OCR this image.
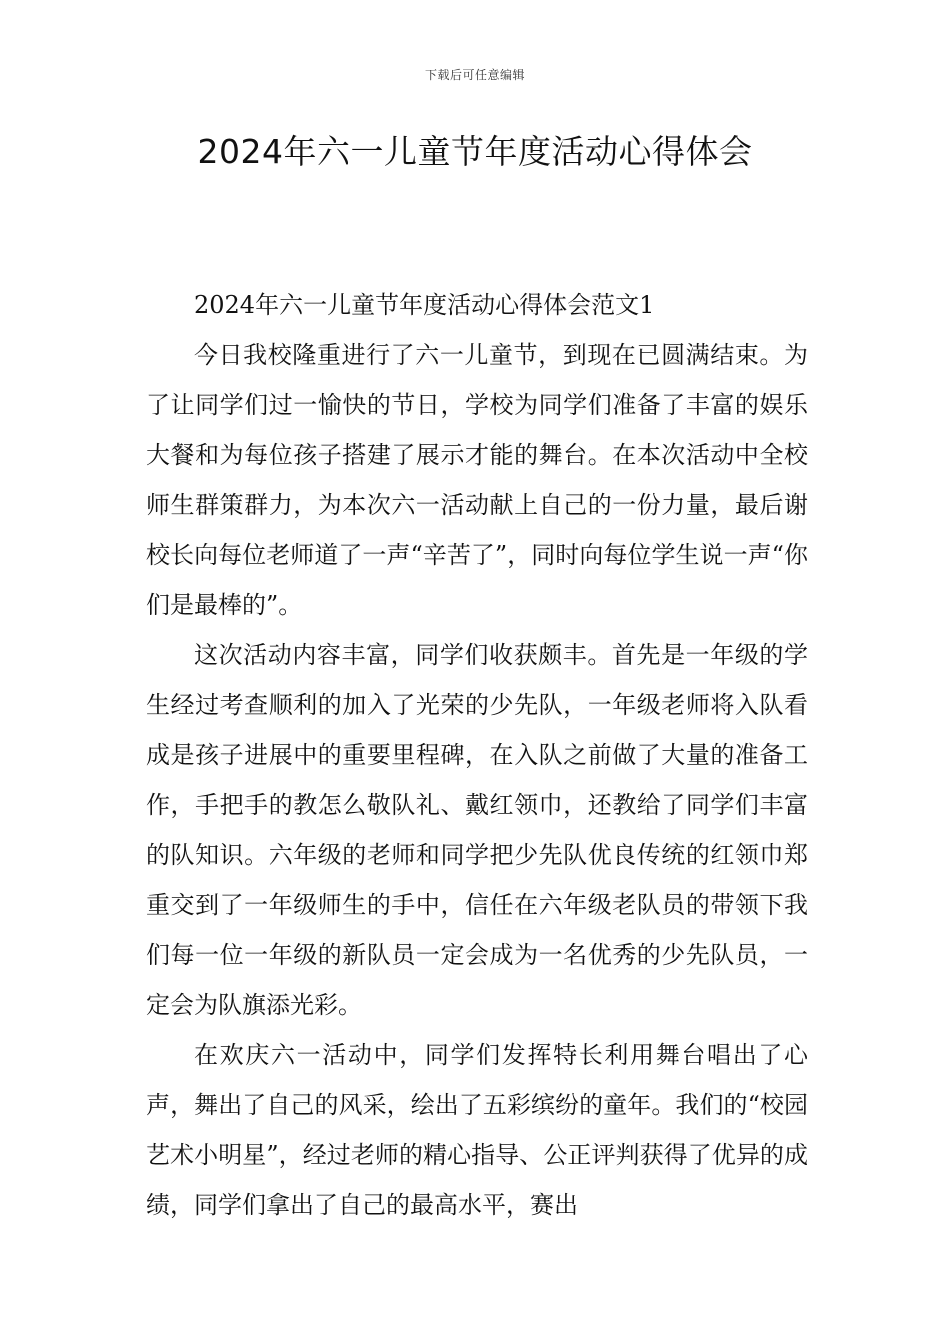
下载后可任意编辑
2024年六一儿童节年度活动心得体会

2024年六一儿童节年度活动心得体会范文1

今日我校隆重进行了六一儿童节，到现在已圆满结束。为了让同学们过一愉快的节日，学校为同学们准备了丰富的娱乐大餐和为每位孩子搭建了展示才能的舞台。在本次活动中全校师生群策群力，为本次六一活动献上自己的一份力量，最后谢校长向每位老师道了一声“辛苦了”，同时向每位学生说一声“你们是最棒的”。

这次活动内容丰富，同学们收获颇丰。首先是一年级的学生经过考查顺利的加入了光荣的少先队，一年级老师将入队看成是孩子进展中的重要里程碑，在入队之前做了大量的准备工作，手把手的教怎么敬队礼、戴红领巾，还教给了同学们丰富的队知识。六年级的老师和同学把少先队优良传统的红领巾郑重交到了一年级师生的手中，信任在六年级老队员的带领下我们每一位一年级的新队员一定会成为一名优秀的少先队员，一定会为队旗添光彩。

在欢庆六一活动中，同学们发挥特长利用舞台唱出了心声，舞出了自己的风采，绘出了五彩缤纷的童年。我们的“校园艺术小明星”，经过老师的精心指导、公正评判获得了优异的成绩，同学们拿出了自己的最高水平，赛出
